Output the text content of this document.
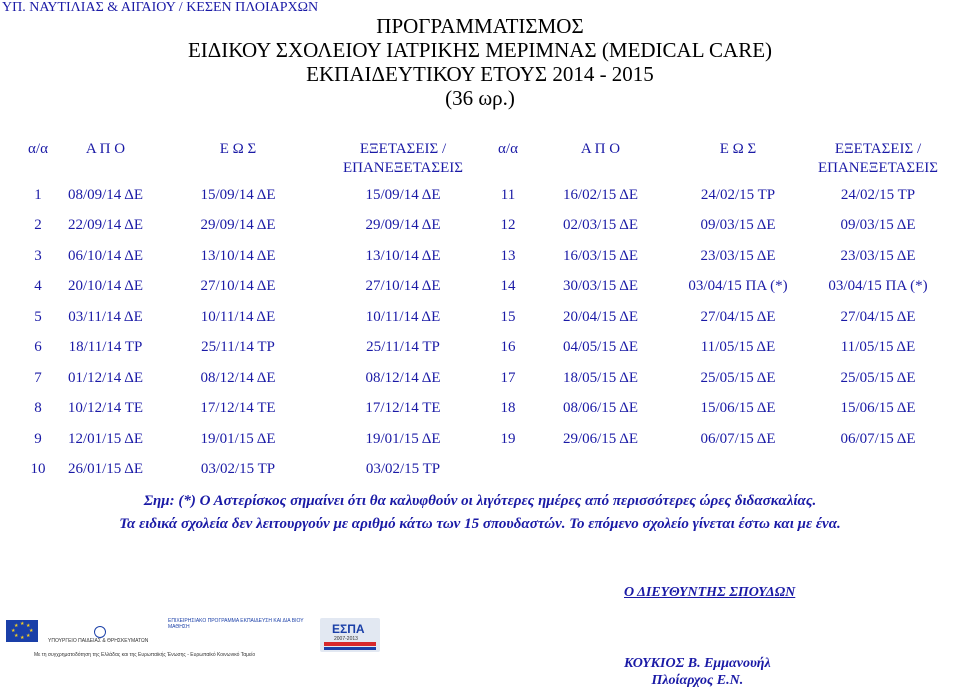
ΥΠ. ΝΑΥΤΙΛΙΑΣ & ΑΙΓΑΙΟΥ / ΚΕΣΕΝ ΠΛΟΙΑΡΧΩΝ
ΠΡΟΓΡΑΜΜΑΤΙΣΜΟΣ
ΕΙΔΙΚΟΥ ΣΧΟΛΕΙΟΥ ΙΑΤΡΙΚΗΣ ΜΕΡΙΜΝΑΣ (MEDICAL CARE)
ΕΚΠΑΙΔΕΥΤΙΚΟΥ ΕΤΟΥΣ 2014 - 2015
(36 ωρ.)
α/α	Α Π Ο	Ε Ω Σ	ΕΞΕΤΑΣΕΙΣ /
ΕΠΑΝΕΞΕΤΑΣΕΙΣ	α/α	Α Π Ο	Ε Ω Σ	ΕΞΕΤΑΣΕΙΣ /
ΕΠΑΝΕΞΕΤΑΣΕΙΣ
1	08/09/14 ΔΕ	15/09/14 ΔΕ	15/09/14 ΔΕ	11	16/02/15 ΔΕ	24/02/15 ΤΡ	24/02/15 ΤΡ
2	22/09/14 ΔΕ	29/09/14 ΔΕ	29/09/14 ΔΕ	12	02/03/15 ΔΕ	09/03/15 ΔΕ	09/03/15 ΔΕ
3	06/10/14 ΔΕ	13/10/14 ΔΕ	13/10/14 ΔΕ	13	16/03/15 ΔΕ	23/03/15 ΔΕ	23/03/15 ΔΕ
4	20/10/14 ΔΕ	27/10/14 ΔΕ	27/10/14 ΔΕ	14	30/03/15 ΔΕ	03/04/15 ΠΑ (*)	03/04/15 ΠΑ (*)
5	03/11/14 ΔΕ	10/11/14 ΔΕ	10/11/14 ΔΕ	15	20/04/15 ΔΕ	27/04/15 ΔΕ	27/04/15 ΔΕ
6	18/11/14 ΤΡ	25/11/14 ΤΡ	25/11/14 ΤΡ	16	04/05/15 ΔΕ	11/05/15 ΔΕ	11/05/15 ΔΕ
7	01/12/14 ΔΕ	08/12/14 ΔΕ	08/12/14 ΔΕ	17	18/05/15 ΔΕ	25/05/15 ΔΕ	25/05/15 ΔΕ
8	10/12/14 ΤΕ	17/12/14 ΤΕ	17/12/14 ΤΕ	18	08/06/15 ΔΕ	15/06/15 ΔΕ	15/06/15 ΔΕ
9	12/01/15 ΔΕ	19/01/15 ΔΕ	19/01/15 ΔΕ	19	29/06/15 ΔΕ	06/07/15 ΔΕ	06/07/15 ΔΕ
10	26/01/15 ΔΕ	03/02/15 ΤΡ	03/02/15 ΤΡ				
Σημ: (*) Ο Αστερίσκος σημαίνει ότι θα καλυφθούν οι λιγότερες ημέρες από περισσότερες ώρες διδασκαλίας.
Τα ειδικά σχολεία δεν λειτουργούν με αριθμό κάτω των 15 σπουδαστών. Το επόμενο σχολείο γίνεται έστω και με ένα.
Ο ΔΙΕΥΘΥΝΤΗΣ ΣΠΟΥΔΩΝ
ΚΟΥΚΙΟΣ Β. Εμμανουήλ
Πλοίαρχος Ε.Ν.
★ ★
★
★
★
★
★
★
ΥΠΟΥΡΓΕΙΟ ΠΑΙΔΕΙΑΣ & ΘΡΗΣΚΕΥΜΑΤΩΝ
ΕΠΙΧΕΙΡΗΣΙΑΚΟ ΠΡΟΓΡΑΜΜΑ ΕΚΠΑΙΔΕΥΣΗ ΚΑΙ ΔΙΑ ΒΙΟΥ ΜΑΘΗΣΗ	ΕΣΠΑ
2007-2013
Με τη συγχρηματοδότηση της Ελλάδας και της Ευρωπαϊκής Ένωσης - Ευρωπαϊκό Κοινωνικό Ταμείο
